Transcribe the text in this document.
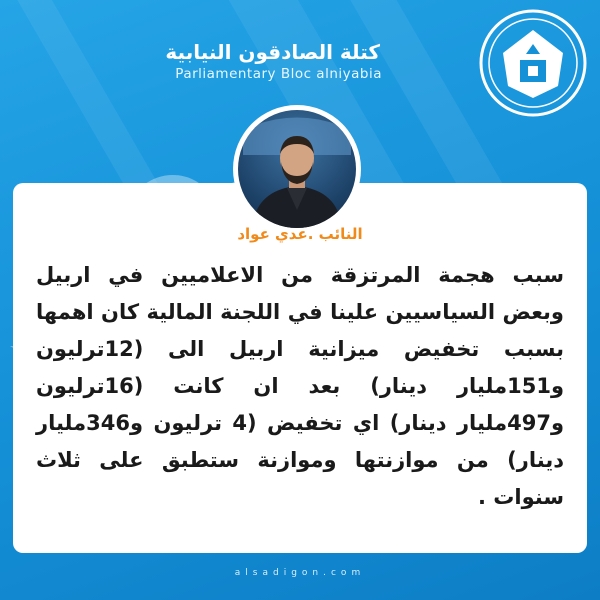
كتلة الصادقون النيابية
Parliamentary Bloc alniyabia
النائب .عدي عواد
سبب هجمة المرتزقة من الاعلاميين في اربيل وبعض السياسيين علينا في اللجنة المالية كان اهمها بسبب تخفيض ميزانية اربيل الى (12ترليون و151مليار دينار) بعد ان كانت (16ترليون و497مليار دينار) اي تخفيض (4 ترليون و346مليار دينار) من موازنتها وموازنة ستطبق على ثلاث سنوات .
alsadigon.com
